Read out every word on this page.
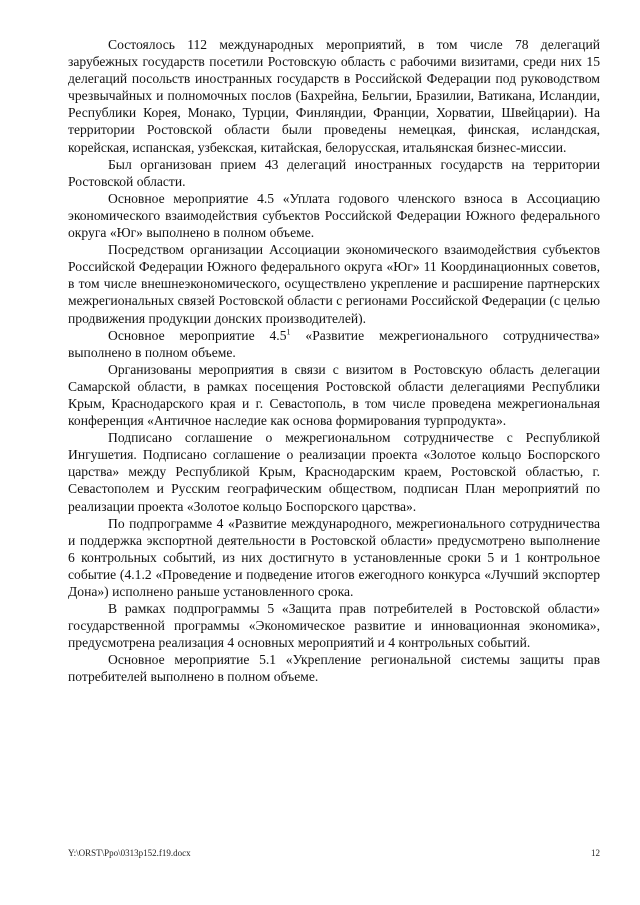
Состоялось 112 международных мероприятий, в том числе 78 делегаций зарубежных государств посетили Ростовскую область с рабочими визитами, среди них 15 делегаций посольств иностранных государств в Российской Федерации под руководством чрезвычайных и полномочных послов (Бахрейна, Бельгии, Бразилии, Ватикана, Исландии, Республики Корея, Монако, Турции, Финляндии, Франции, Хорватии, Швейцарии). На территории Ростовской области были проведены немецкая, финская, исландская, корейская, испанская, узбекская, китайская, белорусская, итальянская бизнес-миссии.

Был организован прием 43 делегаций иностранных государств на территории Ростовской области.

Основное мероприятие 4.5 «Уплата годового членского взноса в Ассоциацию экономического взаимодействия субъектов Российской Федерации Южного федерального округа «Юг» выполнено в полном объеме.

Посредством организации Ассоциации экономического взаимодействия субъектов Российской Федерации Южного федерального округа «Юг» 11 Координационных советов, в том числе внешнеэкономического, осуществлено укрепление и расширение партнерских межрегиональных связей Ростовской области с регионами Российской Федерации (с целью продвижения продукции донских производителей).

Основное мероприятие $4.5^1$ «Развитие межрегионального сотрудничества» выполнено в полном объеме.

Организованы мероприятия в связи с визитом в Ростовскую область делегации Самарской области, в рамках посещения Ростовской области делегациями Республики Крым, Краснодарского края и г. Севастополь, в том числе проведена межрегиональная конференция «Античное наследие как основа формирования турпродукта».

Подписано соглашение о межрегиональном сотрудничестве с Республикой Ингушетия. Подписано соглашение о реализации проекта «Золотое кольцо Боспорского царства» между Республикой Крым, Краснодарским краем, Ростовской областью, г. Севастополем и Русским географическим обществом, подписан План мероприятий по реализации проекта «Золотое кольцо Боспорского царства».

По подпрограмме 4 «Развитие международного, межрегионального сотрудничества и поддержка экспортной деятельности в Ростовской области» предусмотрено выполнение 6 контрольных событий, из них достигнуто в установленные сроки 5 и 1 контрольное событие (4.1.2 «Проведение и подведение итогов ежегодного конкурса «Лучший экспортер Дона») исполнено раньше установленного срока.

В рамках подпрограммы 5 «Защита прав потребителей в Ростовской области» государственной программы «Экономическое развитие и инновационная экономика», предусмотрена реализация 4 основных мероприятий и 4 контрольных событий.

Основное мероприятие 5.1 «Укрепление региональной системы защиты прав потребителей выполнено в полном объеме.

Y:\ORST\Ppo\0313p152.f19.docx	12
